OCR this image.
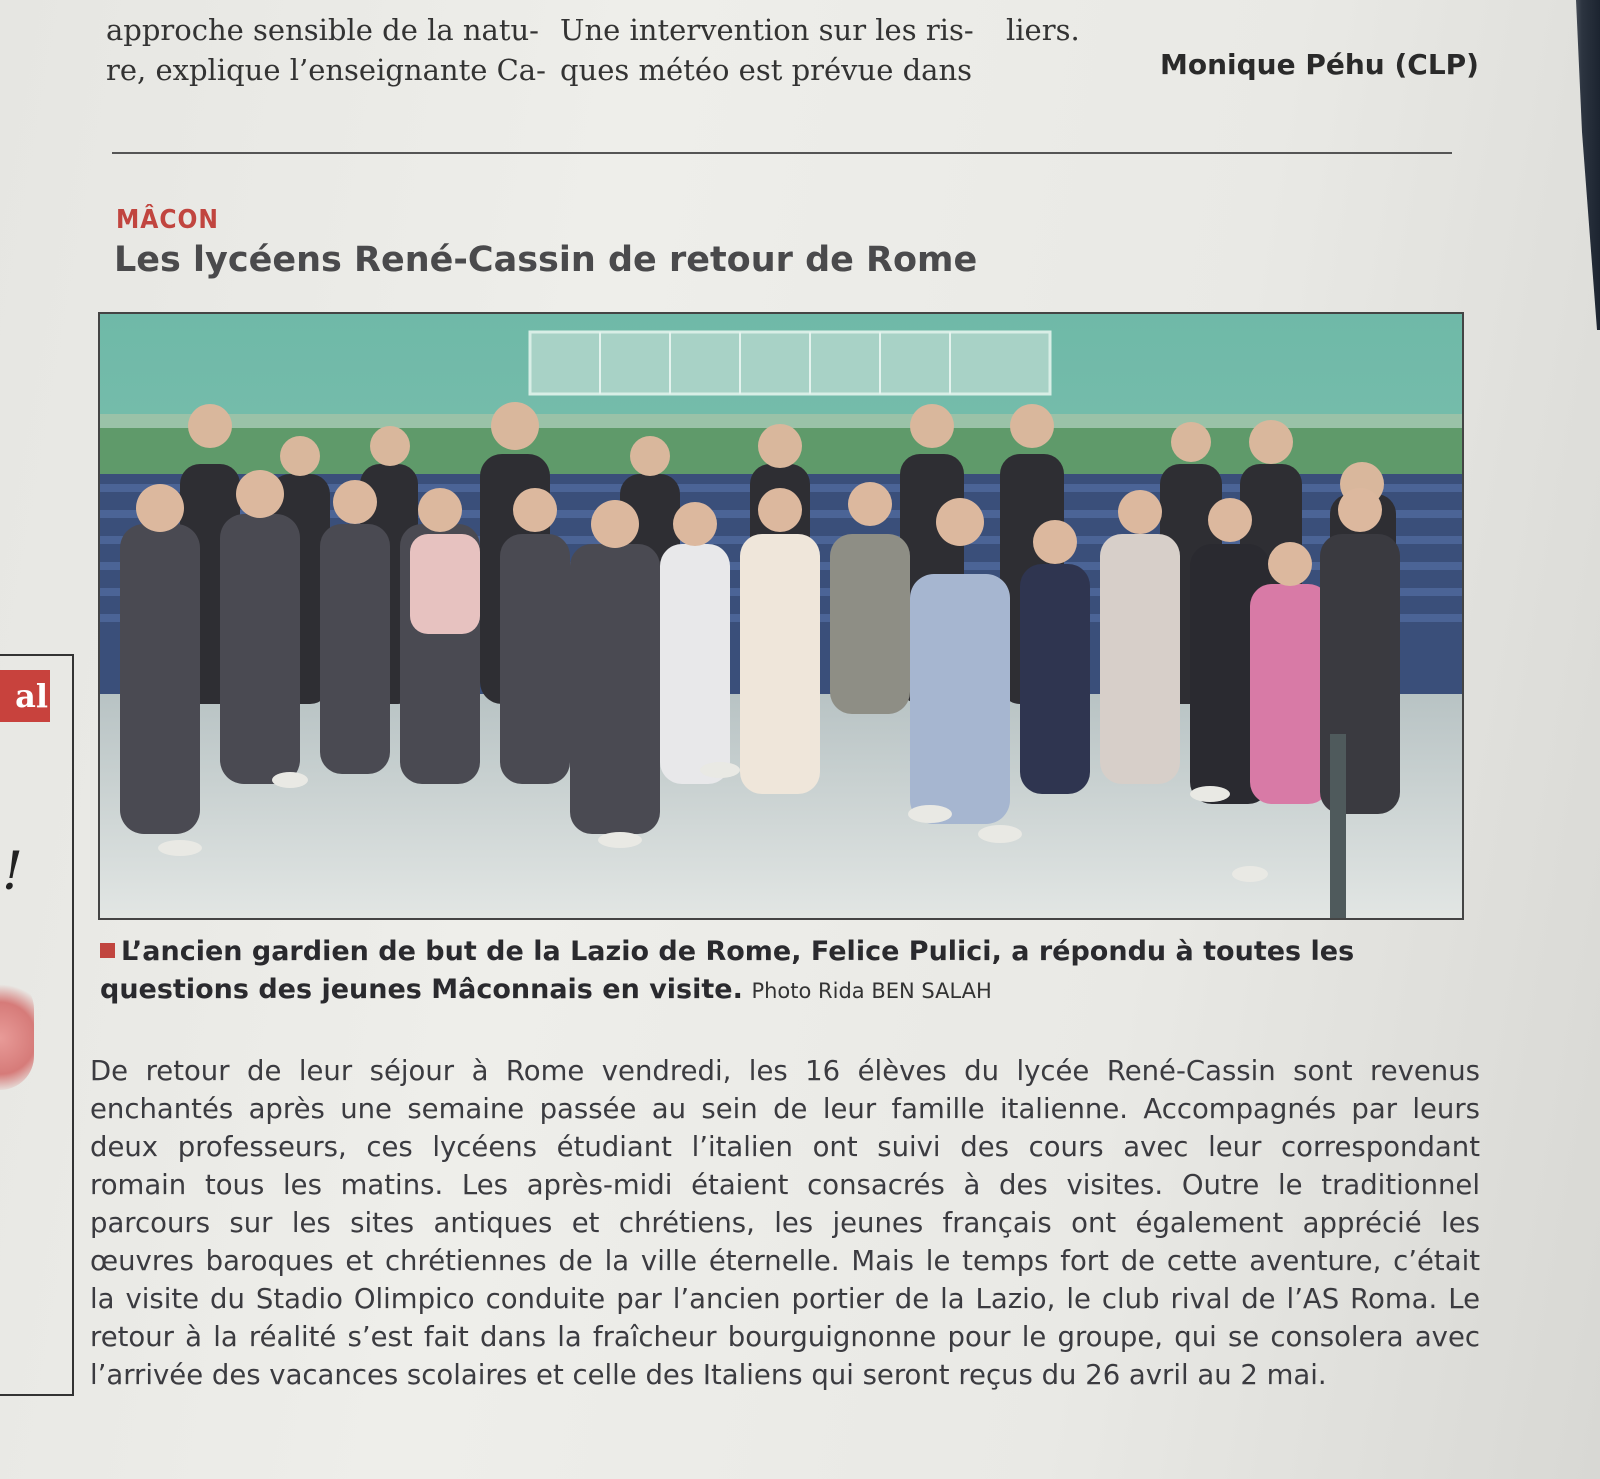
approche sensible de la natu-
re, explique l’enseignante Ca-
Une intervention sur les ris-
ques météo est prévue dans
liers.
Monique Péhu (CLP)
MÂCON
Les lycéens René-Cassin de retour de Rome
L’ancien gardien de but de la Lazio de Rome, Felice Pulici, a répondu à toutes les
questions des jeunes Mâconnais en visite. Photo Rida BEN SALAH
De retour de leur séjour à Rome vendredi, les 16 élèves du lycée René-Cassin sont revenus
enchantés après une semaine passée au sein de leur famille italienne. Accompagnés par leurs
deux professeurs, ces lycéens étudiant l’italien ont suivi des cours avec leur correspondant
romain tous les matins. Les après-midi étaient consacrés à des visites. Outre le traditionnel
parcours sur les sites antiques et chrétiens, les jeunes français ont également apprécié les
œuvres baroques et chrétiennes de la ville éternelle. Mais le temps fort de cette aventure, c’était
la visite du Stadio Olimpico conduite par l’ancien portier de la Lazio, le club rival de l’AS Roma. Le
retour à la réalité s’est fait dans la fraîcheur bourguignonne pour le groupe, qui se consolera avec
l’arrivée des vacances scolaires et celle des Italiens qui seront reçus du 26 avril au 2 mai.
al
!
